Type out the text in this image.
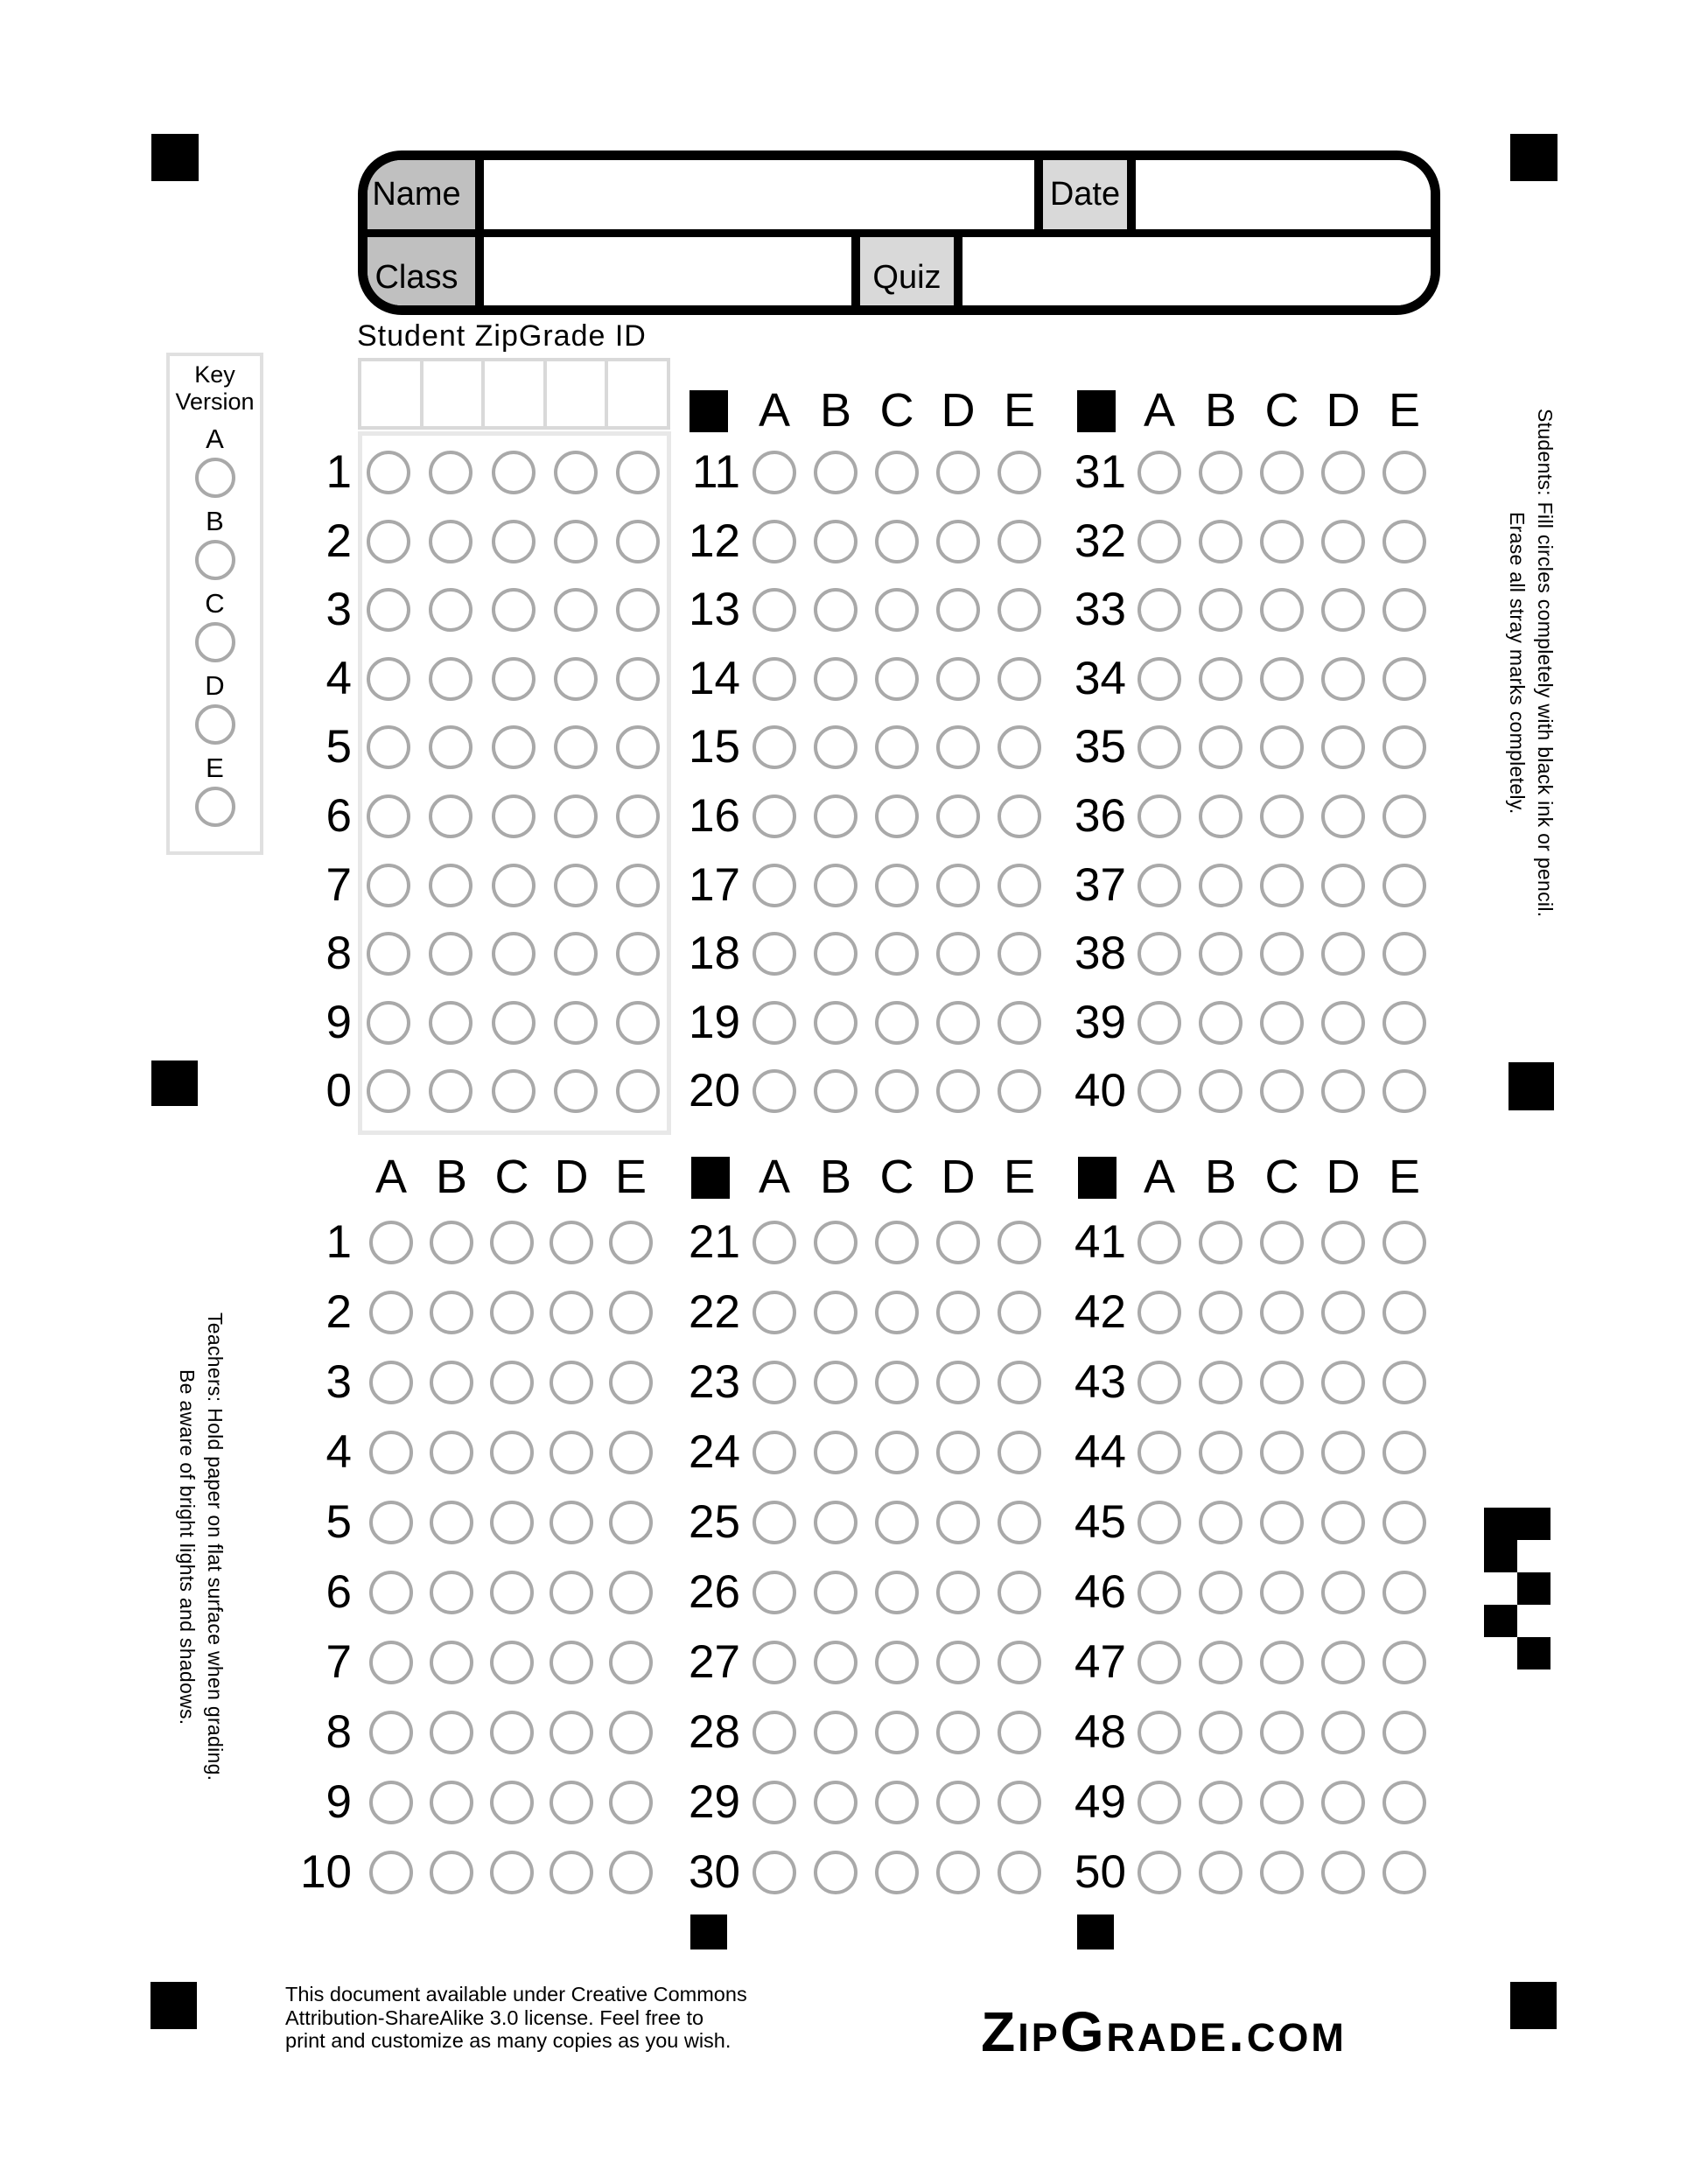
Name	Date
Class	Quiz
Student ZipGrade ID
Key
Version
A
B
C
D
E	Students: Fill circles completely with black ink or pencil.
Erase all stray marks completely.
Teachers: Hold paper on flat surface when grading.
Be aware of bright lights and shadows.
This document available under Creative Commons
Attribution-ShareAlike 3.0 license. Feel free to
print and customize as many copies as you wish.	ZipGrade.com
1
2
3
4
5
6
7
8
9
0
A B C D E
1
2
3
4
5
6
7
8
9
10
A B C D E
11
12
13
14
15
16
17
18
19
20
A B C D E
21
22
23
24
25
26
27
28
29
30
A B C D E
31
32
33
34
35
36
37
38
39
40
A B C D E
41
42
43
44
45
46
47
48
49
50
